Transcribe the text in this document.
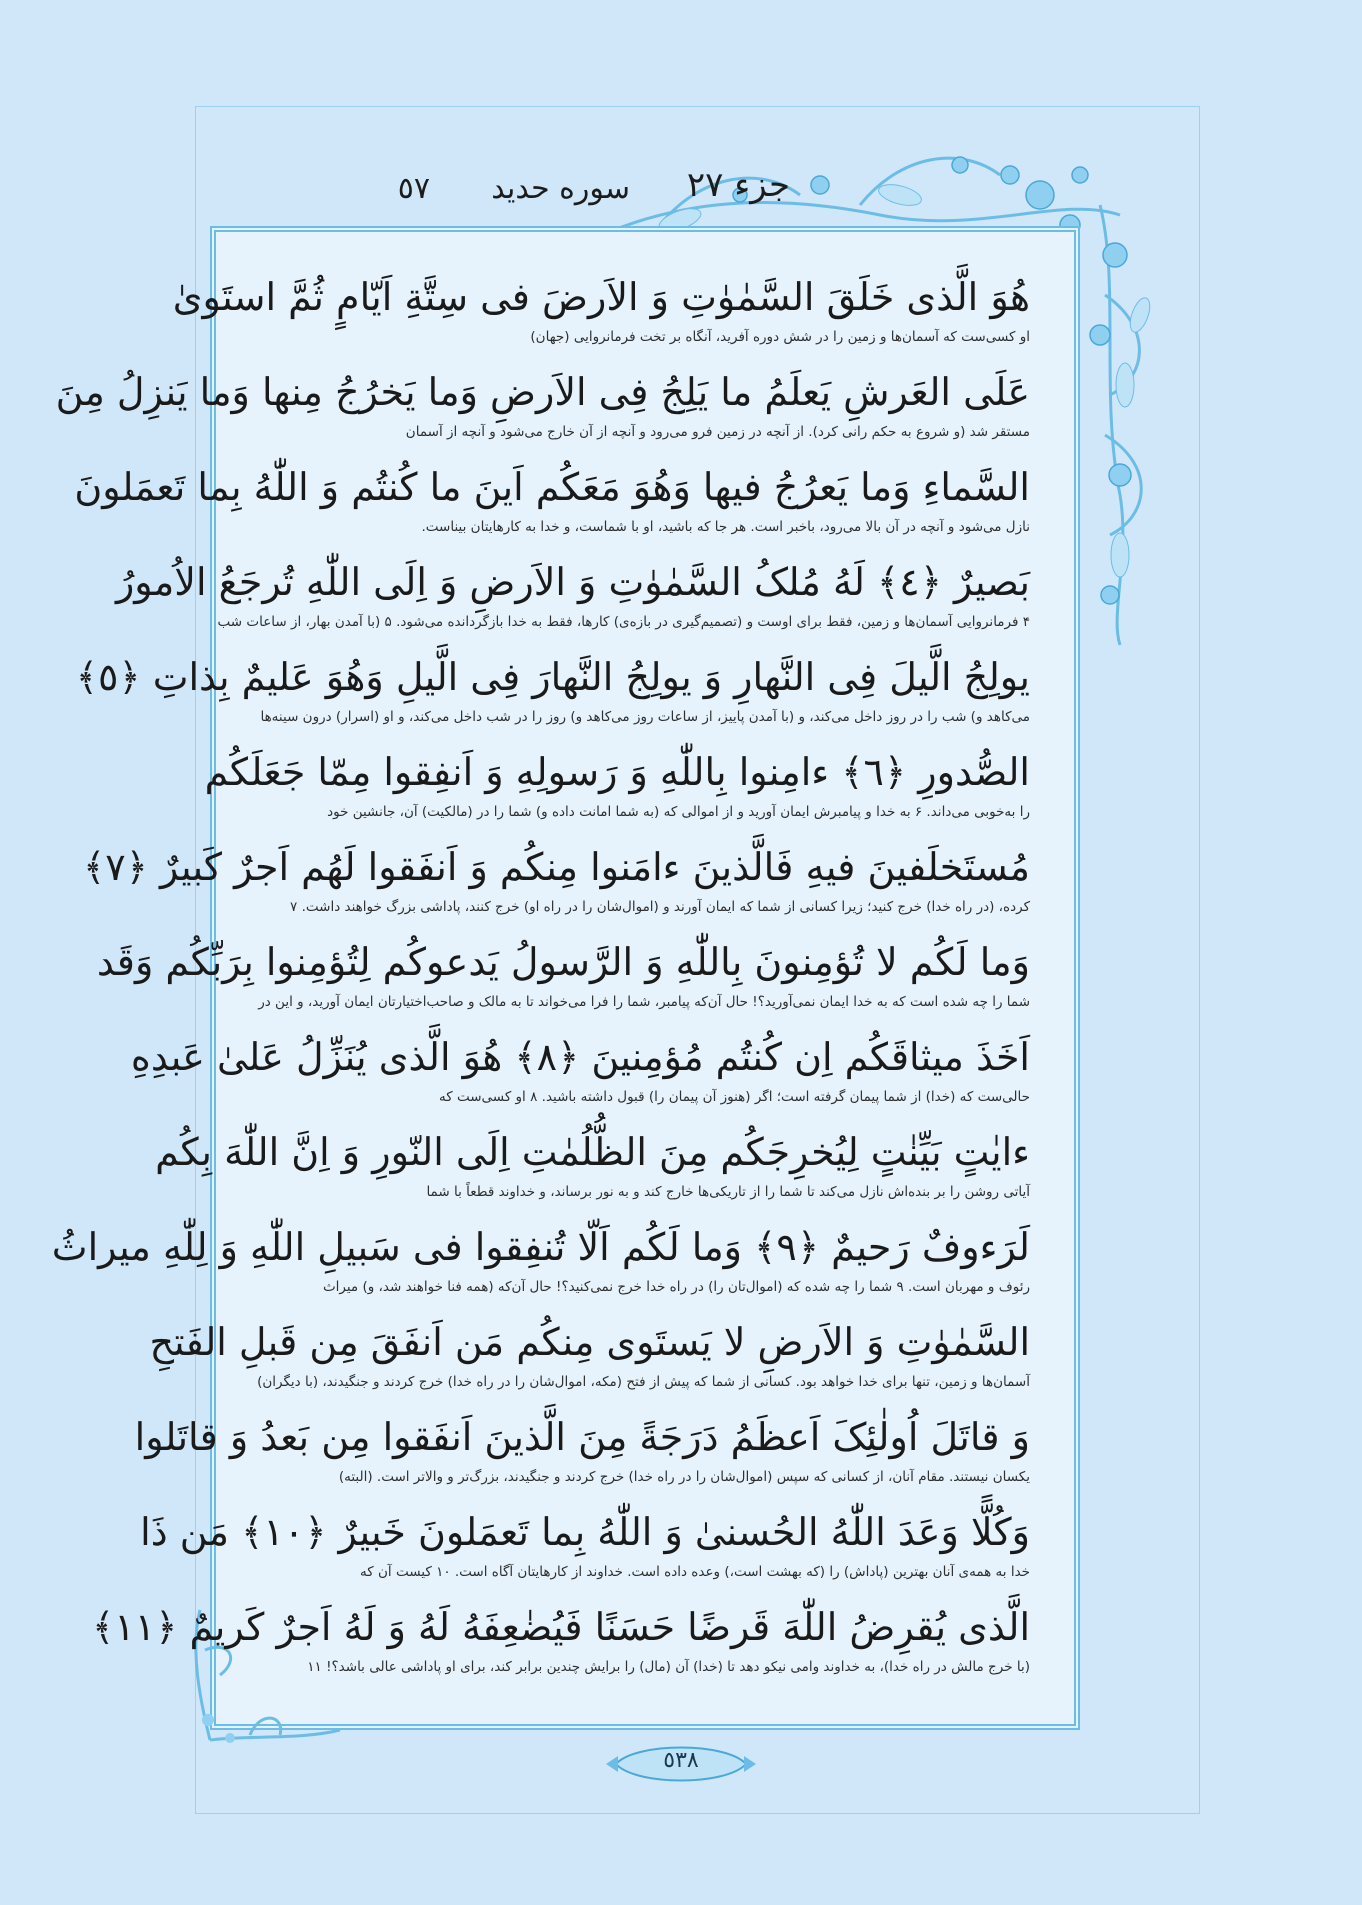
جزء ٢٧
سوره حدید
٥٧
هُوَ الَّذی خَلَقَ السَّمٰوٰتِ وَ الاَرضَ فی سِتَّةِ اَیّامٍ ثُمَّ استَویٰ
او کسی‌ست که آسمان‌ها و زمین را در شش دوره آفرید، آنگاه بر تخت فرمانروایی (جهان)
عَلَی العَرشِ یَعلَمُ ما یَلِجُ فِی الاَرضِ وَما یَخرُجُ مِنها وَما یَنزِلُ مِنَ
مستقر شد (و شروع به حکم رانی کرد). از آنچه در زمین فرو می‌رود و آنچه از آن خارج می‌شود و آنچه از آسمان
السَّماءِ وَما یَعرُجُ فیها وَهُوَ مَعَکُم اَینَ ما کُنتُم وَ اللّٰهُ بِما تَعمَلونَ
نازل می‌شود و آنچه در آن بالا می‌رود، باخبر است. هر جا که باشید، او با شماست، و خدا به کارهایتان بیناست.
بَصیرٌ ﴿٤﴾ لَهُ مُلکُ السَّمٰوٰتِ وَ الاَرضِ وَ اِلَی اللّٰهِ تُرجَعُ الاُمورُ
۴ فرمانروایی آسمان‌ها و زمین، فقط برای اوست و (تصمیم‌گیری در بازه‌ی) کارها، فقط به خدا بازگردانده می‌شود. ۵ (با آمدن بهار، از ساعات شب
یولِجُ الَّیلَ فِی النَّهارِ وَ یولِجُ النَّهارَ فِی الَّیلِ وَهُوَ عَلیمٌ بِذاتِ ﴿٥﴾
می‌کاهد و) شب را در روز داخل می‌کند، و (با آمدن پاییز، از ساعات روز می‌کاهد و) روز را در شب داخل می‌کند، و او (اسرار) درون سینه‌ها
الصُّدورِ ﴿٦﴾ ءامِنوا بِاللّٰهِ وَ رَسولِهِ وَ اَنفِقوا مِمّا جَعَلَکُم
را به‌خوبی می‌داند. ۶ به خدا و پیامبرش ایمان آورید و از اموالی که (به شما امانت داده و) شما را در (مالکیت) آن، جانشین خود
مُستَخلَفینَ فیهِ فَالَّذینَ ءامَنوا مِنکُم وَ اَنفَقوا لَهُم اَجرٌ کَبیرٌ ﴿٧﴾
کرده، (در راه خدا) خرج کنید؛ زیرا کسانی از شما که ایمان آورند و (اموال‌شان را در راه او) خرج کنند، پاداشی بزرگ خواهند داشت. ۷
وَما لَکُم لا تُؤمِنونَ بِاللّٰهِ وَ الرَّسولُ یَدعوکُم لِتُؤمِنوا بِرَبِّکُم وَقَد
شما را چه شده است که به خدا ایمان نمی‌آورید؟! حال آن‌که پیامبر، شما را فرا می‌خواند تا به مالک و صاحب‌اختیارتان ایمان آورید، و این در
اَخَذَ میثاقَکُم اِن کُنتُم مُؤمِنینَ ﴿٨﴾ هُوَ الَّذی یُنَزِّلُ عَلیٰ عَبدِهِ
حالی‌ست که (خدا) از شما پیمان گرفته است؛ اگر (هنوز آن پیمان را) قبول داشته باشید. ۸ او کسی‌ست که
ءایٰتٍ بَیِّنٰتٍ لِیُخرِجَکُم مِنَ الظُّلُمٰتِ اِلَی النّورِ وَ اِنَّ اللّٰهَ بِکُم
آیاتی روشن را بر بنده‌اش نازل می‌کند تا شما را از تاریکی‌ها خارج کند و به نور برساند، و خداوند قطعاً با شما
لَرَءوفٌ رَحیمٌ ﴿٩﴾ وَما لَکُم اَلّا تُنفِقوا فی سَبیلِ اللّٰهِ وَ لِلّٰهِ میراثُ
رئوف و مهربان است. ۹ شما را چه شده که (اموال‌تان را) در راه خدا خرج نمی‌کنید؟! حال آن‌که (همه فنا خواهند شد، و) میراث
السَّمٰوٰتِ وَ الاَرضِ لا یَستَوی مِنکُم مَن اَنفَقَ مِن قَبلِ الفَتحِ
آسمان‌ها و زمین، تنها برای خدا خواهد بود. کسانی از شما که پیش از فتح (مکه، اموال‌شان را در راه خدا) خرج کردند و جنگیدند، (با دیگران)
وَ قاتَلَ اُولٰئِکَ اَعظَمُ دَرَجَةً مِنَ الَّذینَ اَنفَقوا مِن بَعدُ وَ قاتَلوا
یکسان نیستند. مقام آنان، از کسانی که سپس (اموال‌شان را در راه خدا) خرج کردند و جنگیدند، بزرگ‌تر و والاتر است. (البته)
وَکُلًّا وَعَدَ اللّٰهُ الحُسنیٰ وَ اللّٰهُ بِما تَعمَلونَ خَبیرٌ ﴿١٠﴾ مَن ذَا
خدا به همه‌ی آنان بهترین (پاداش) را (که بهشت است،) وعده داده است. خداوند از کارهایتان آگاه است. ۱۰ کیست آن که
الَّذی یُقرِضُ اللّٰهَ قَرضًا حَسَنًا فَیُضٰعِفَهُ لَهُ وَ لَهُ اَجرٌ کَریمٌ ﴿١١﴾
(با خرج مالش در راه خدا)، به خداوند وامی نیکو دهد تا (خدا) آن (مال) را برایش چندین برابر کند، برای او پاداشی عالی باشد؟! ۱۱
٥٣٨
